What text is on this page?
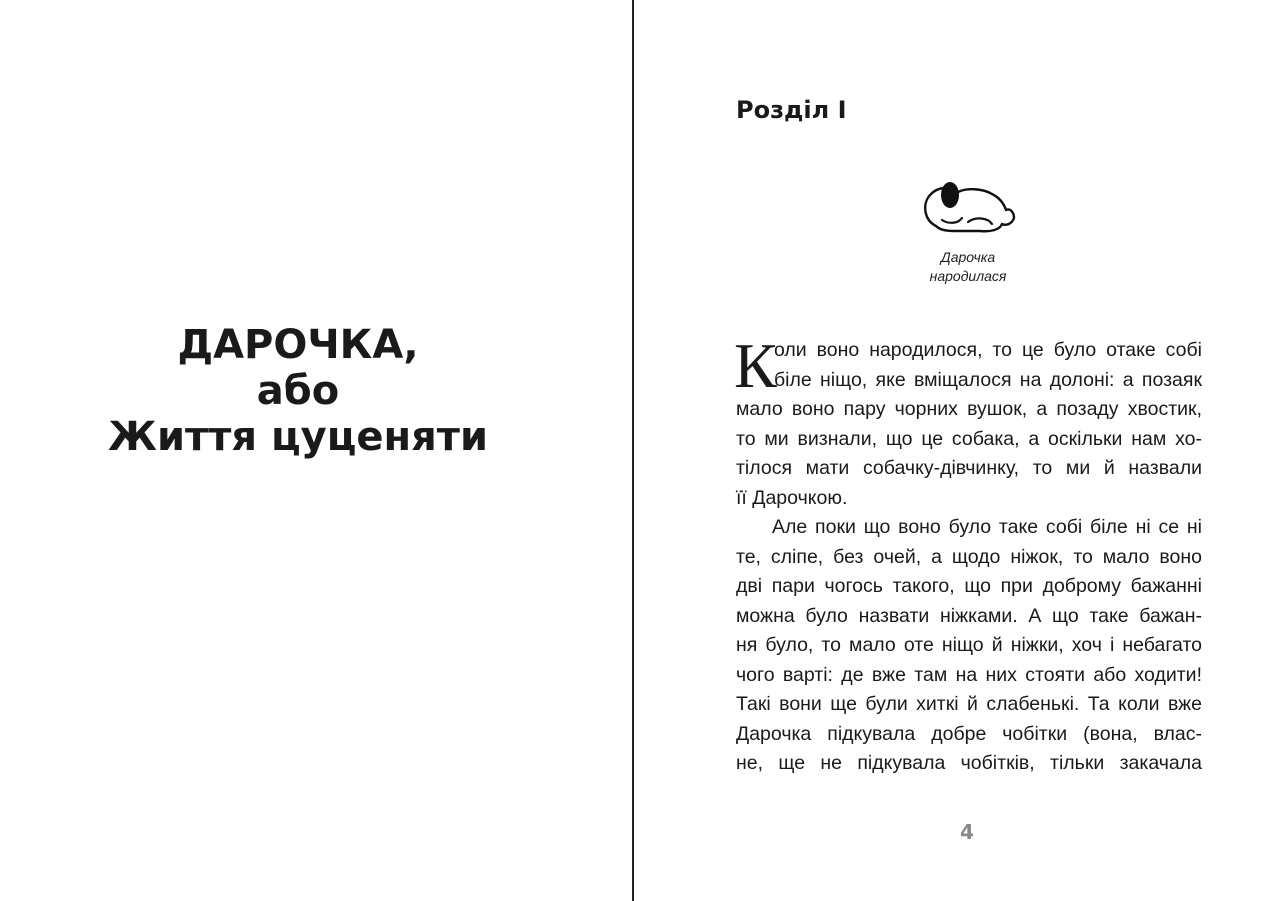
ДАРОЧКА,
або
Життя цуценяти
Розділ I
Дарочка
народилася
К
оли воно народилося, то це було отаке собі
біле ніщо, яке вміщалося на долоні: а позаяк
мало воно пару чорних вушок, а позаду хвостик,
то ми визнали, що це собака, а оскільки нам хо-
тілося мати собачку-дівчинку, то ми й назвали
її Дарочкою.
Але поки що воно було таке собі біле ні се ні
те, сліпе, без очей, а щодо ніжок, то мало воно
дві пари чогось такого, що при доброму бажанні
можна було назвати ніжками. А що таке бажан-
ня було, то мало оте ніщо й ніжки, хоч і небагато
чого варті: де вже там на них стояти або ходити!
Такі вони ще були хиткі й слабенькі. Та коли вже
Дарочка підкувала добре чобітки (вона, влас-
не, ще не підкувала чобітків, тільки закачала
4
